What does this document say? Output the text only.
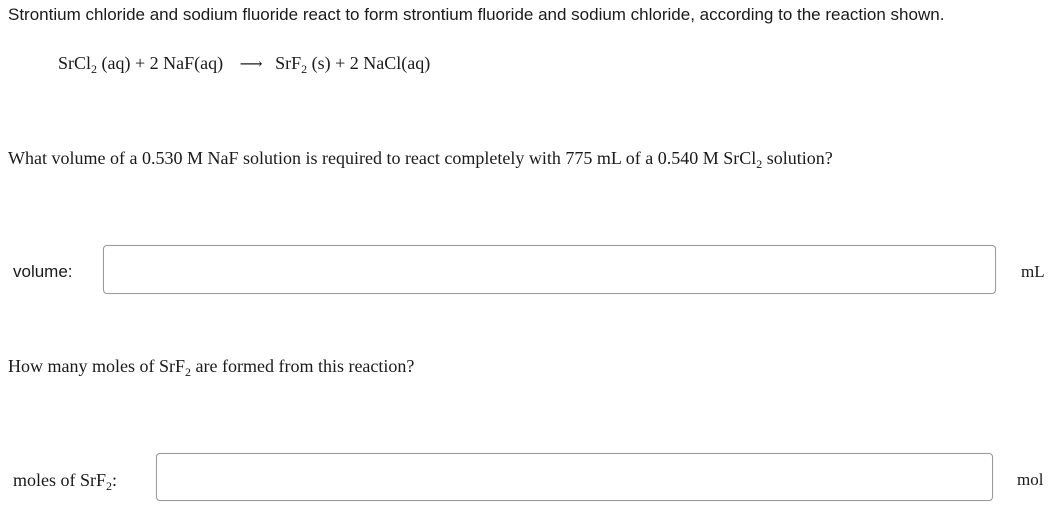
Strontium chloride and sodium fluoride react to form strontium fluoride and sodium chloride, according to the reaction shown.
SrCl$_2$ (aq) + 2 NaF(aq) ⟶ SrF$_2$ (s) + 2 NaCl(aq)
What volume of a 0.530 M NaF solution is required to react completely with 775 mL of a 0.540 M SrCl$_2$ solution?
volume:	mL
How many moles of SrF$_2$ are formed from this reaction?
moles of SrF$_2$:	mol
